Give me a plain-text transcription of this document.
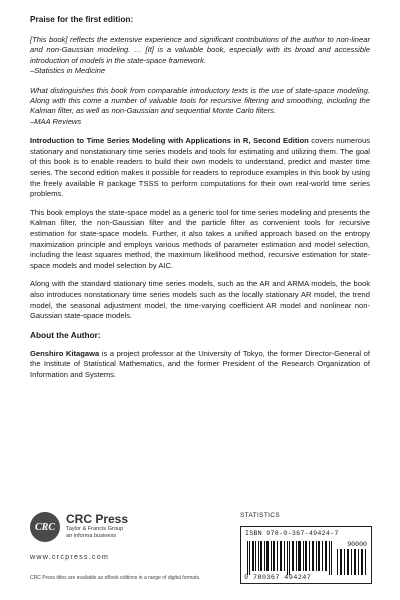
Praise for the first edition:

[This book] reflects the extensive experience and significant contributions of the author to non-linear and non-Gaussian modeling. … [It] is a valuable book, especially with its broad and accessible introduction of models in the state-space framework.

–Statistics in Medicine

What distinguishes this book from comparable introductory texts is the use of state-space modeling. Along with this come a number of valuable tools for recursive filtering and smoothing, including the Kalman filter, as well as non-Gaussian and sequential Monte Carlo filters.

–MAA Reviews

Introduction to Time Series Modeling with Applications in R, Second Edition covers numerous stationary and nonstationary time series models and tools for estimating and utilizing them. The goal of this book is to enable readers to build their own models to understand, predict and master time series. The second edition makes it possible for readers to reproduce examples in this book by using the freely available R package TSSS to perform computations for their own real-world time series problems.

This book employs the state-space model as a generic tool for time series modeling and presents the Kalman filter, the non-Gaussian filter and the particle filter as convenient tools for recursive estimation for state-space models. Further, it also takes a unified approach based on the entropy maximization principle and employs various methods of parameter estimation and model selection, including the least squares method, the maximum likelihood method, recursive estimation for state-space models and model selection by AIC.

Along with the standard stationary time series models, such as the AR and ARMA models, the book also introduces nonstationary time series models such as the locally stationary AR model, the trend model, the seasonal adjustment model, the time-varying coefficient AR model and nonlinear non-Gaussian state-space models.

About the Author:

Genshiro Kitagawa is a project professor at the University of Tokyo, the former Director-General of the Institute of Statistical Mathematics, and the former President of the Research Organization of Information and Systems.

CRC
CRC Press
Taylor & Francis Group
an informa business
www.crcpress.com
CRC Press titles are available as eBook editions in a range of digital formats.
STATISTICS
ISBN 978-0-367-49424-7
90000
9 780367 494247
